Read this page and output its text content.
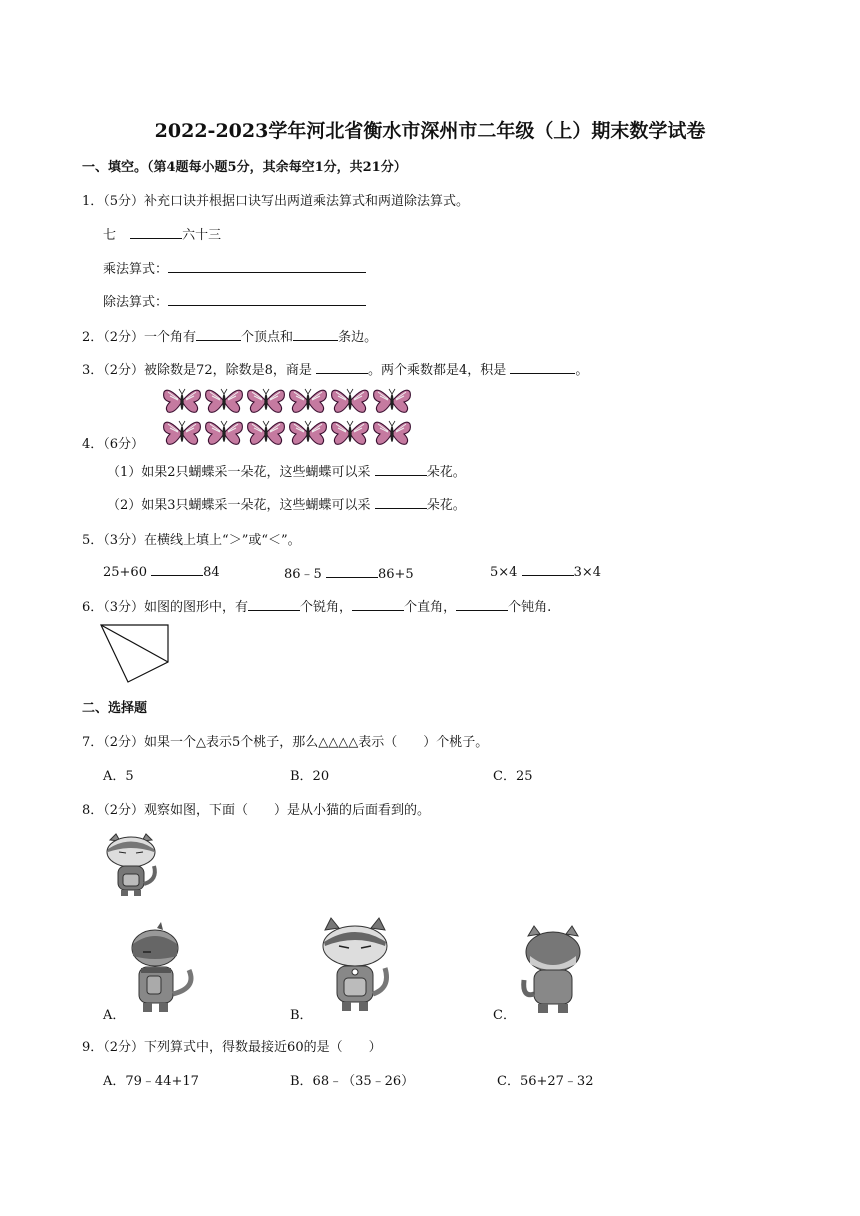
2022-2023学年河北省衡水市深州市二年级（上）期末数学试卷
一、填空。（第4题每小题5分，其余每空1分，共21分）
1．（5分）补充口诀并根据口诀写出两道乘法算式和两道除法算式。
七	六十三
乘法算式：
除法算式：
2．（2分）一个角有	个顶点和	条边。
3．（2分）被除数是72，除数是8，商是	。两个乘数都是4，积是	。
4．（6分）
（1）如果2只蝴蝶采一朵花，这些蝴蝶可以采	朵花。
（2）如果3只蝴蝶采一朵花，这些蝴蝶可以采	朵花。
5．（3分）在横线上填上“＞”或“＜”。
25+60	84	86﹣5	86+5	5×4	3×4
6．（3分）如图的图形中，有	个锐角，	个直角，	个钝角.
二、选择题
7．（2分）如果一个△表示5个桃子，那么△△△△表示（　　）个桃子。
A．5	B．20	C．25
8．（2分）观察如图，下面（　　）是从小猫的后面看到的。
A．	B．	C．
9．（2分）下列算式中，得数最接近60的是（　　）
A．79﹣44+17	B．68﹣（35﹣26）	C．56+27﹣32
